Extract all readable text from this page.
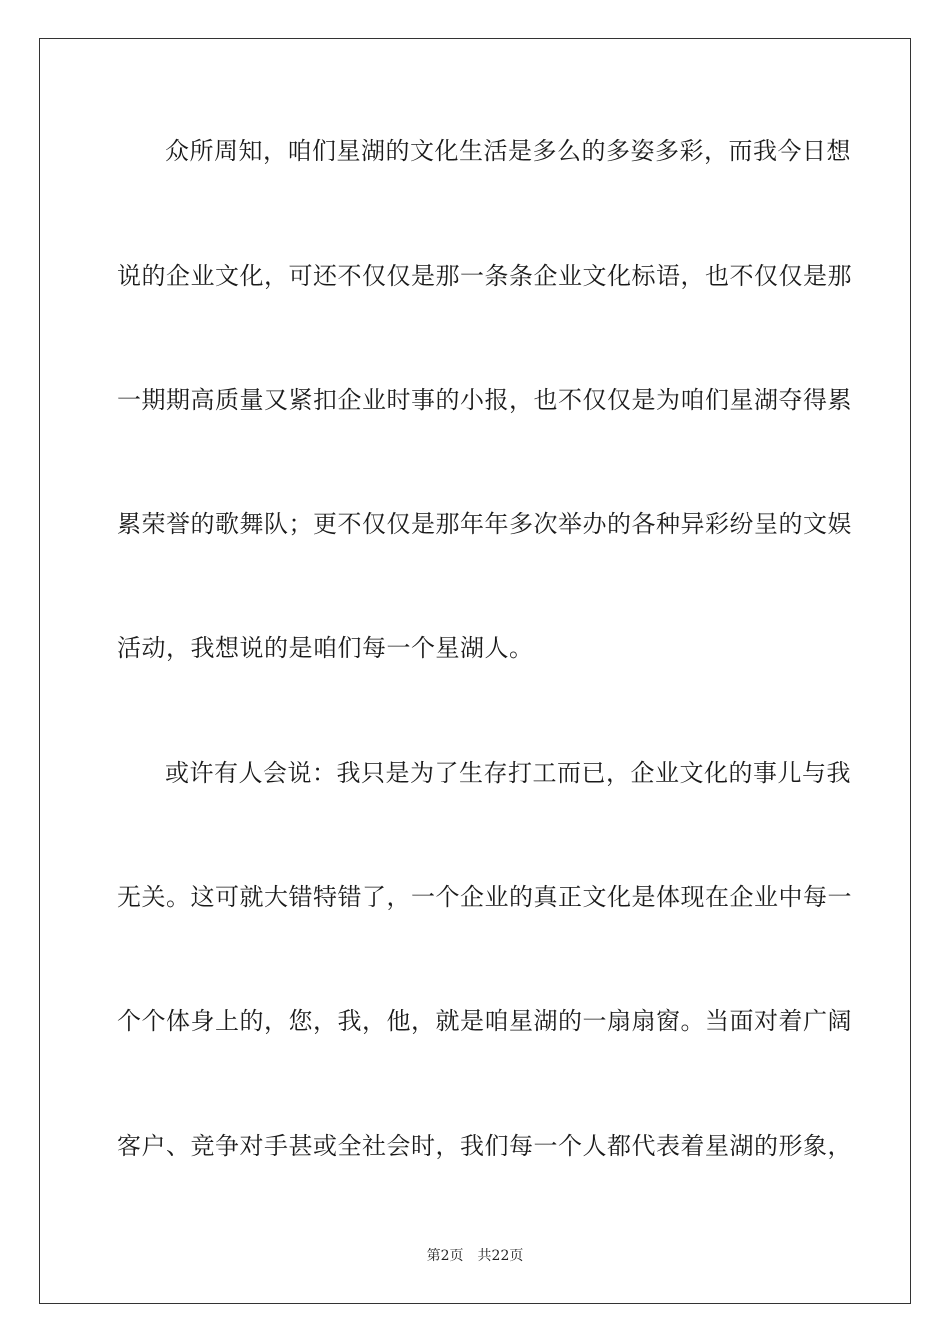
众所周知，咱们星湖的文化生活是多么的多姿多彩，而我今日想
说的企业文化，可还不仅仅是那一条条企业文化标语，也不仅仅是那
一期期高质量又紧扣企业时事的小报，也不仅仅是为咱们星湖夺得累
累荣誉的歌舞队；更不仅仅是那年年多次举办的各种异彩纷呈的文娱
活动，我想说的是咱们每一个星湖人。
或许有人会说：我只是为了生存打工而已，企业文化的事儿与我
无关。这可就大错特错了，一个企业的真正文化是体现在企业中每一
个个体身上的，您，我，他，就是咱星湖的一扇扇窗。当面对着广阔
客户、竞争对手甚或全社会时，我们每一个人都代表着星湖的形象，
第2页 共22页
